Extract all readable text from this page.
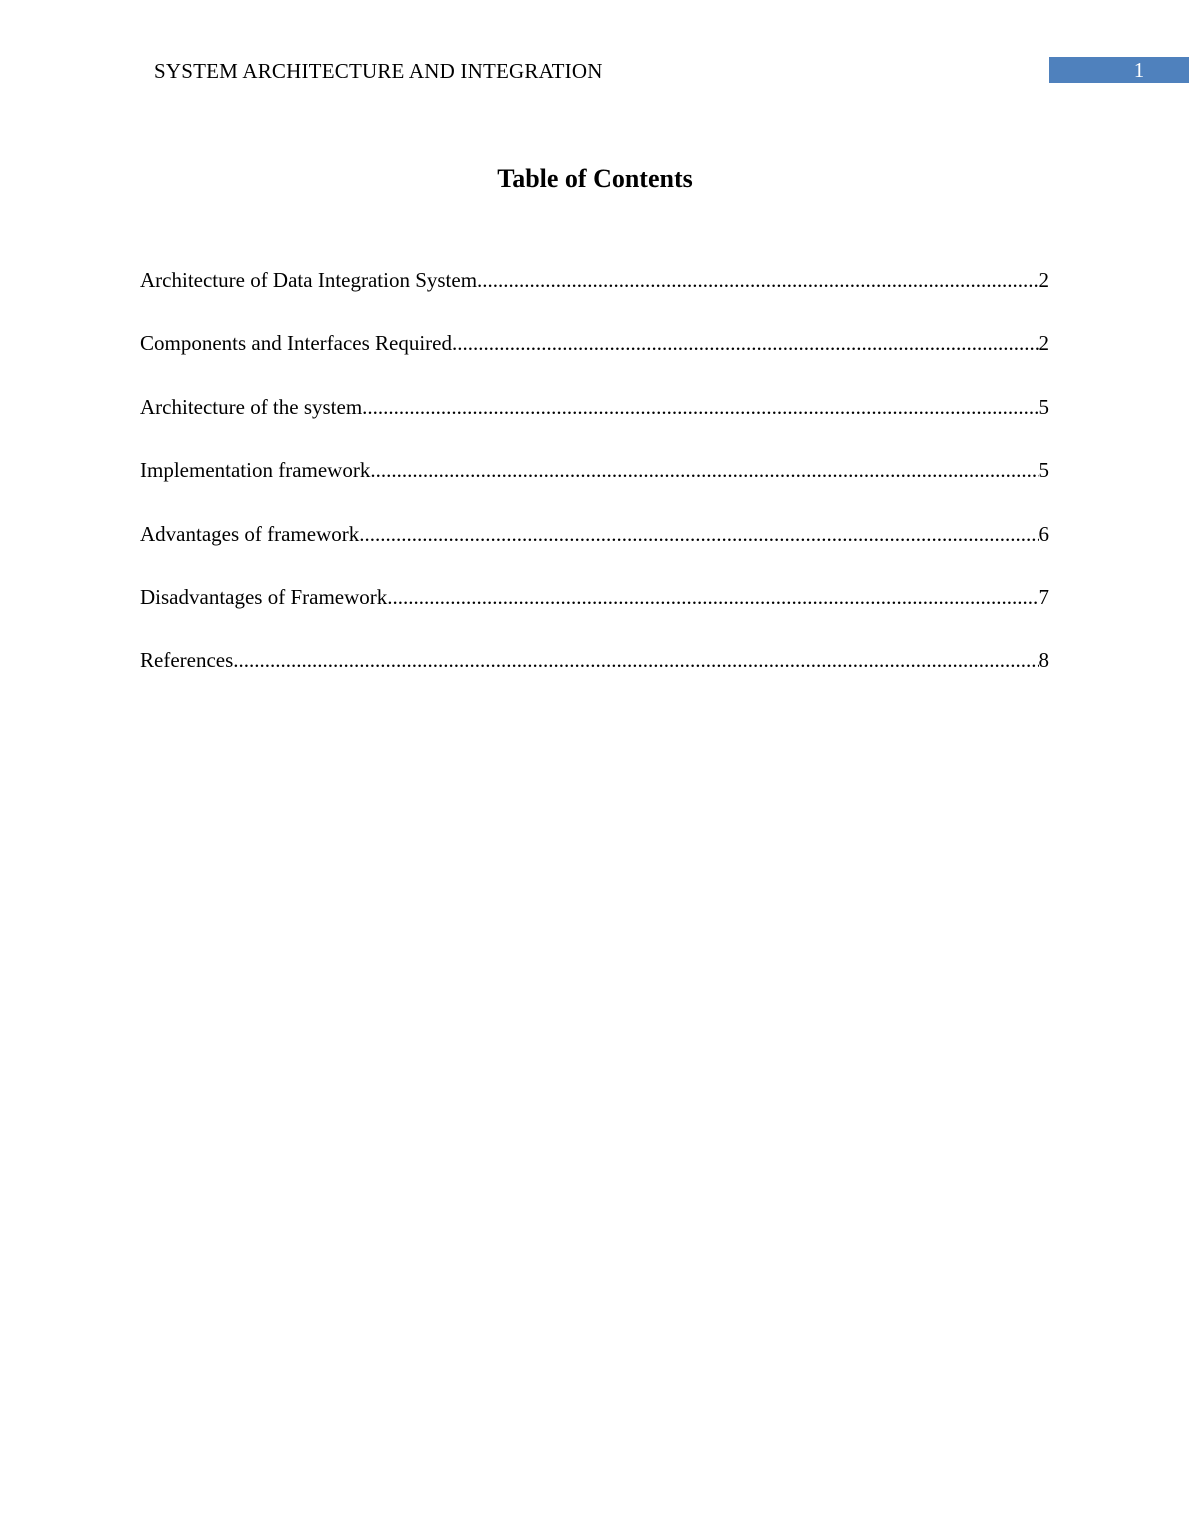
SYSTEM ARCHITECTURE AND INTEGRATION	1
Table of Contents
Architecture of Data Integration System .....	2
Components and Interfaces Required .....	2
Architecture of the system .....	5
Implementation framework .....	5
Advantages of framework .....	6
Disadvantages of Framework .....	7
References .....	8
